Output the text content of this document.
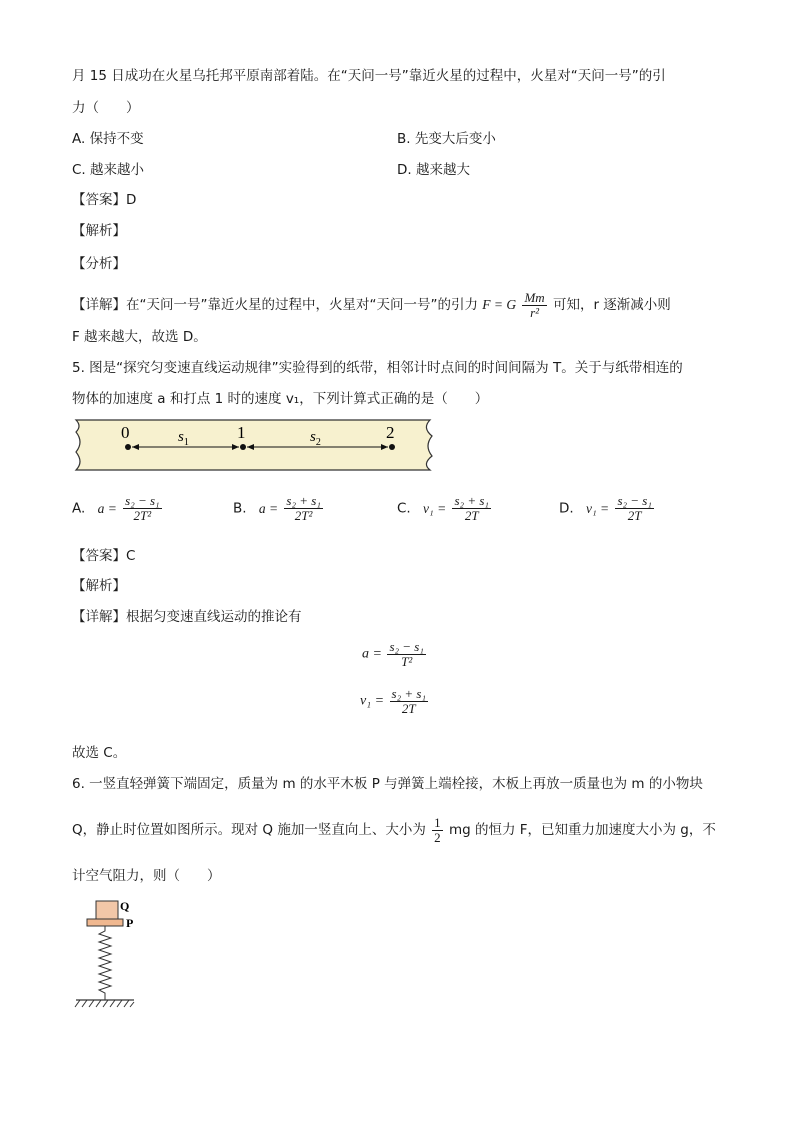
月 15 日成功在火星乌托邦平原南部着陆。在“天问一号”靠近火星的过程中，火星对“天问一号”的引
力（　　）
A. 保持不变	B. 先变大后变小
C. 越来越小	D. 越来越大
【答案】D
【解析】
【分析】
【详解】在“天问一号”靠近火星的过程中，火星对“天问一号”的引力 F = G $\frac{Mm}{\text{r²}}$ 可知，r 逐渐减小则
F 越来越大，故选 D。
5. 图是“探究匀变速直线运动规律”实验得到的纸带，相邻计时点间的时间间隔为 T。关于与纸带相连的
物体的加速度 a 和打点 1 时的速度 v₁，下列计算式正确的是（　　）
0	1	2
$s_1$	$s_2$
A. $a = \frac{\text{s₂ − s₁}}{\text{2T²}}$	B. $a = \frac{\text{s₂ + s₁}}{\text{2T²}}$	C. $v_1 = \frac{\text{s₂ + s₁}}{2T}$	D. $v_1 = \frac{\text{s₂ − s₁}}{2T}$
【答案】C
【解析】
【详解】根据匀变速直线运动的推论有
$a = \frac{\text{s₂ − s₁}}{\text{T²}}$
$v_1 = \frac{\text{s₂ + s₁}}{2T}$
故选 C。
6. 一竖直轻弹簧下端固定，质量为 m 的水平木板 P 与弹簧上端栓接，木板上再放一质量也为 m 的小物块
Q，静止时位置如图所示。现对 Q 施加一竖直向上、大小为 $\frac{1}{2}$ mg 的恒力 F，已知重力加速度大小为 g，不
计空气阻力，则（　　）
Q
P
